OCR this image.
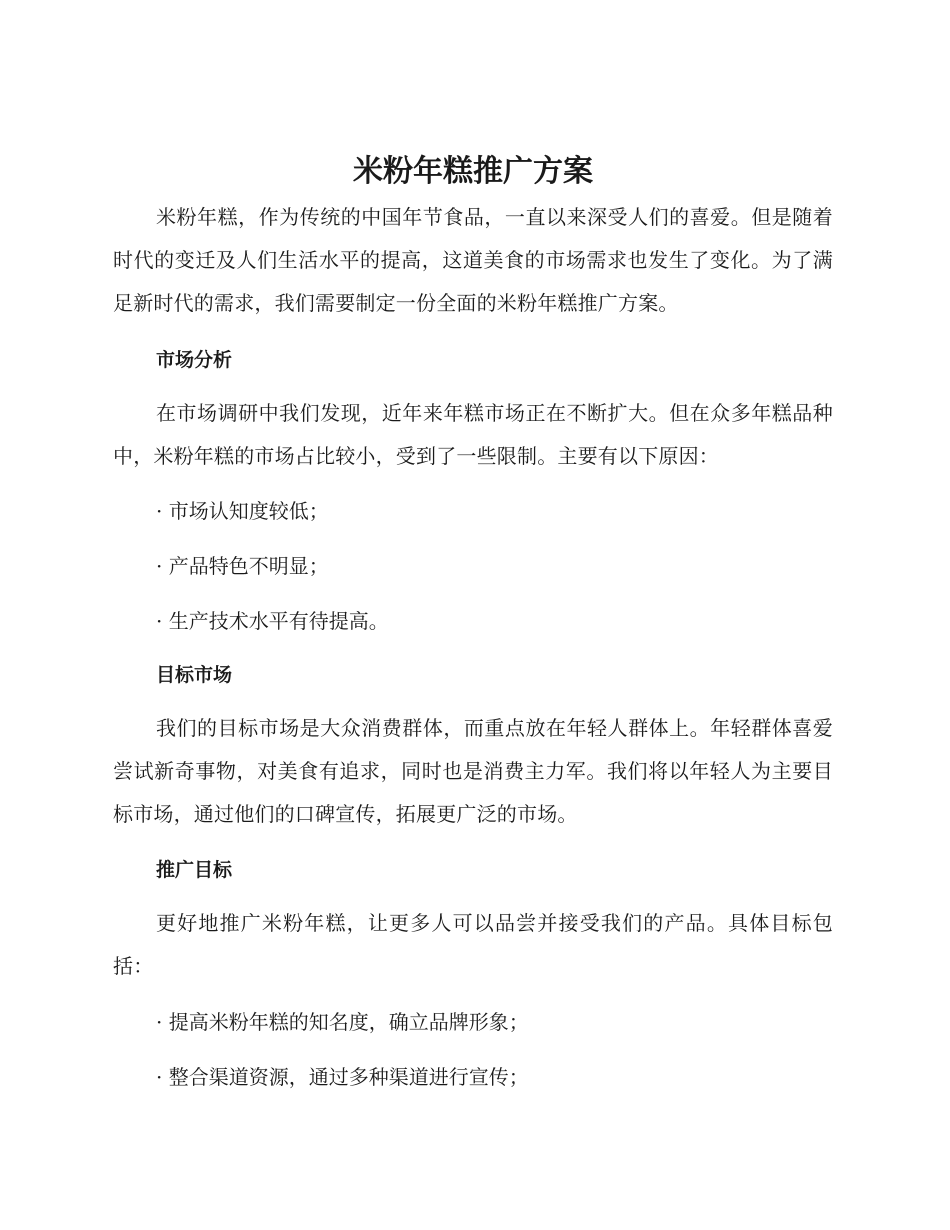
米粉年糕推广方案

米粉年糕，作为传统的中国年节食品，一直以来深受人们的喜爱。但是随着时代的变迁及人们生活水平的提高，这道美食的市场需求也发生了变化。为了满足新时代的需求，我们需要制定一份全面的米粉年糕推广方案。

市场分析

在市场调研中我们发现，近年来年糕市场正在不断扩大。但在众多年糕品种中，米粉年糕的市场占比较小，受到了一些限制。主要有以下原因：

· 市场认知度较低；

· 产品特色不明显；

· 生产技术水平有待提高。

目标市场

我们的目标市场是大众消费群体，而重点放在年轻人群体上。年轻群体喜爱尝试新奇事物，对美食有追求，同时也是消费主力军。我们将以年轻人为主要目标市场，通过他们的口碑宣传，拓展更广泛的市场。

推广目标

更好地推广米粉年糕，让更多人可以品尝并接受我们的产品。具体目标包括：

· 提高米粉年糕的知名度，确立品牌形象；

· 整合渠道资源，通过多种渠道进行宣传；
